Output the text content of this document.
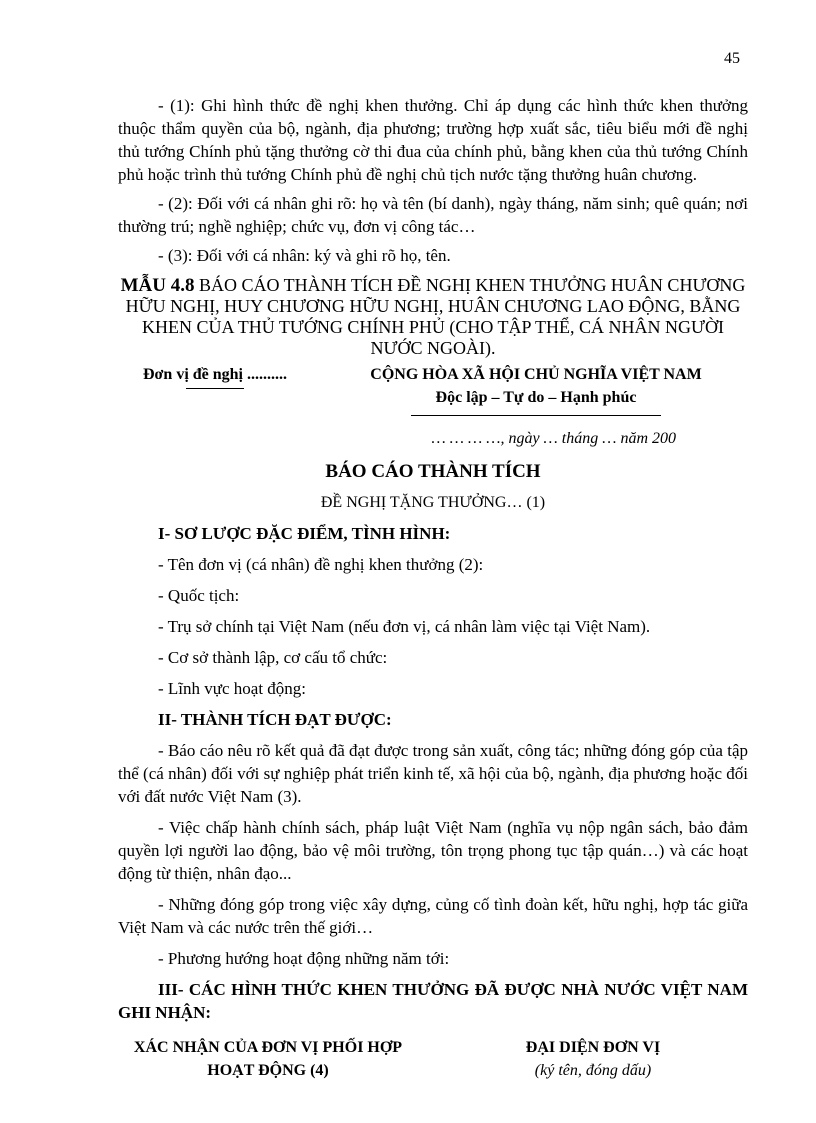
45

- (1): Ghi hình thức đề nghị khen thưởng. Chỉ áp dụng các hình thức khen thưởng thuộc thẩm quyền của bộ, ngành, địa phương; trường hợp xuất sắc, tiêu biểu mới đề nghị thủ tướng Chính phủ tặng thưởng cờ thi đua của chính phủ, bằng khen của thủ tướng Chính phủ hoặc trình thủ tướng Chính phủ đề nghị chủ tịch nước tặng thưởng huân chương.

- (2): Đối với cá nhân ghi rõ: họ và tên (bí danh), ngày tháng, năm sinh; quê quán; nơi thường trú; nghề nghiệp; chức vụ, đơn vị công tác…

- (3): Đối với cá nhân: ký và ghi rõ họ, tên.

MẪU 4.8 BÁO CÁO THÀNH TÍCH ĐỀ NGHỊ KHEN THƯỞNG HUÂN CHƯƠNG HỮU NGHỊ, HUY CHƯƠNG HỮU NGHỊ, HUÂN CHƯƠNG LAO ĐỘNG, BẰNG KHEN CỦA THỦ TƯỚNG CHÍNH PHỦ (CHO TẬP THỂ, CÁ NHÂN NGƯỜI NƯỚC NGOÀI).

Đơn vị đề nghị ..........	CỘNG HÒA XÃ HỘI CHỦ NGHĨA VIỆT NAM
Độc lập – Tự do – Hạnh phúc

… … … …, ngày … tháng … năm 200

BÁO CÁO THÀNH TÍCH

ĐỀ NGHỊ TẶNG THƯỞNG… (1)

I- SƠ LƯỢC ĐẶC ĐIỂM, TÌNH HÌNH:

- Tên đơn vị (cá nhân) đề nghị khen thưởng (2):

- Quốc tịch:

- Trụ sở chính tại Việt Nam (nếu đơn vị, cá nhân làm việc tại Việt Nam).

- Cơ sở thành lập, cơ cấu tổ chức:

- Lĩnh vực hoạt động:

II- THÀNH TÍCH ĐẠT ĐƯỢC:

- Báo cáo nêu rõ kết quả đã đạt được trong sản xuất, công tác; những đóng góp của tập thể (cá nhân) đối với sự nghiệp phát triển kinh tế, xã hội của bộ, ngành, địa phương hoặc đối với đất nước Việt Nam (3).

- Việc chấp hành chính sách, pháp luật Việt Nam (nghĩa vụ nộp ngân sách, bảo đảm quyền lợi người lao động, bảo vệ môi trường, tôn trọng phong tục tập quán…) và các hoạt động từ thiện, nhân đạo...

- Những đóng góp trong việc xây dựng, củng cố tình đoàn kết, hữu nghị, hợp tác giữa Việt Nam và các nước trên thế giới…

- Phương hướng hoạt động những năm tới:

III- CÁC HÌNH THỨC KHEN THƯỞNG ĐÃ ĐƯỢC NHÀ NƯỚC VIỆT NAM GHI NHẬN:

XÁC NHẬN CỦA ĐƠN VỊ PHỐI HỢP HOẠT ĐỘNG (4)
ĐẠI DIỆN ĐƠN VỊ
(ký tên, đóng dấu)
